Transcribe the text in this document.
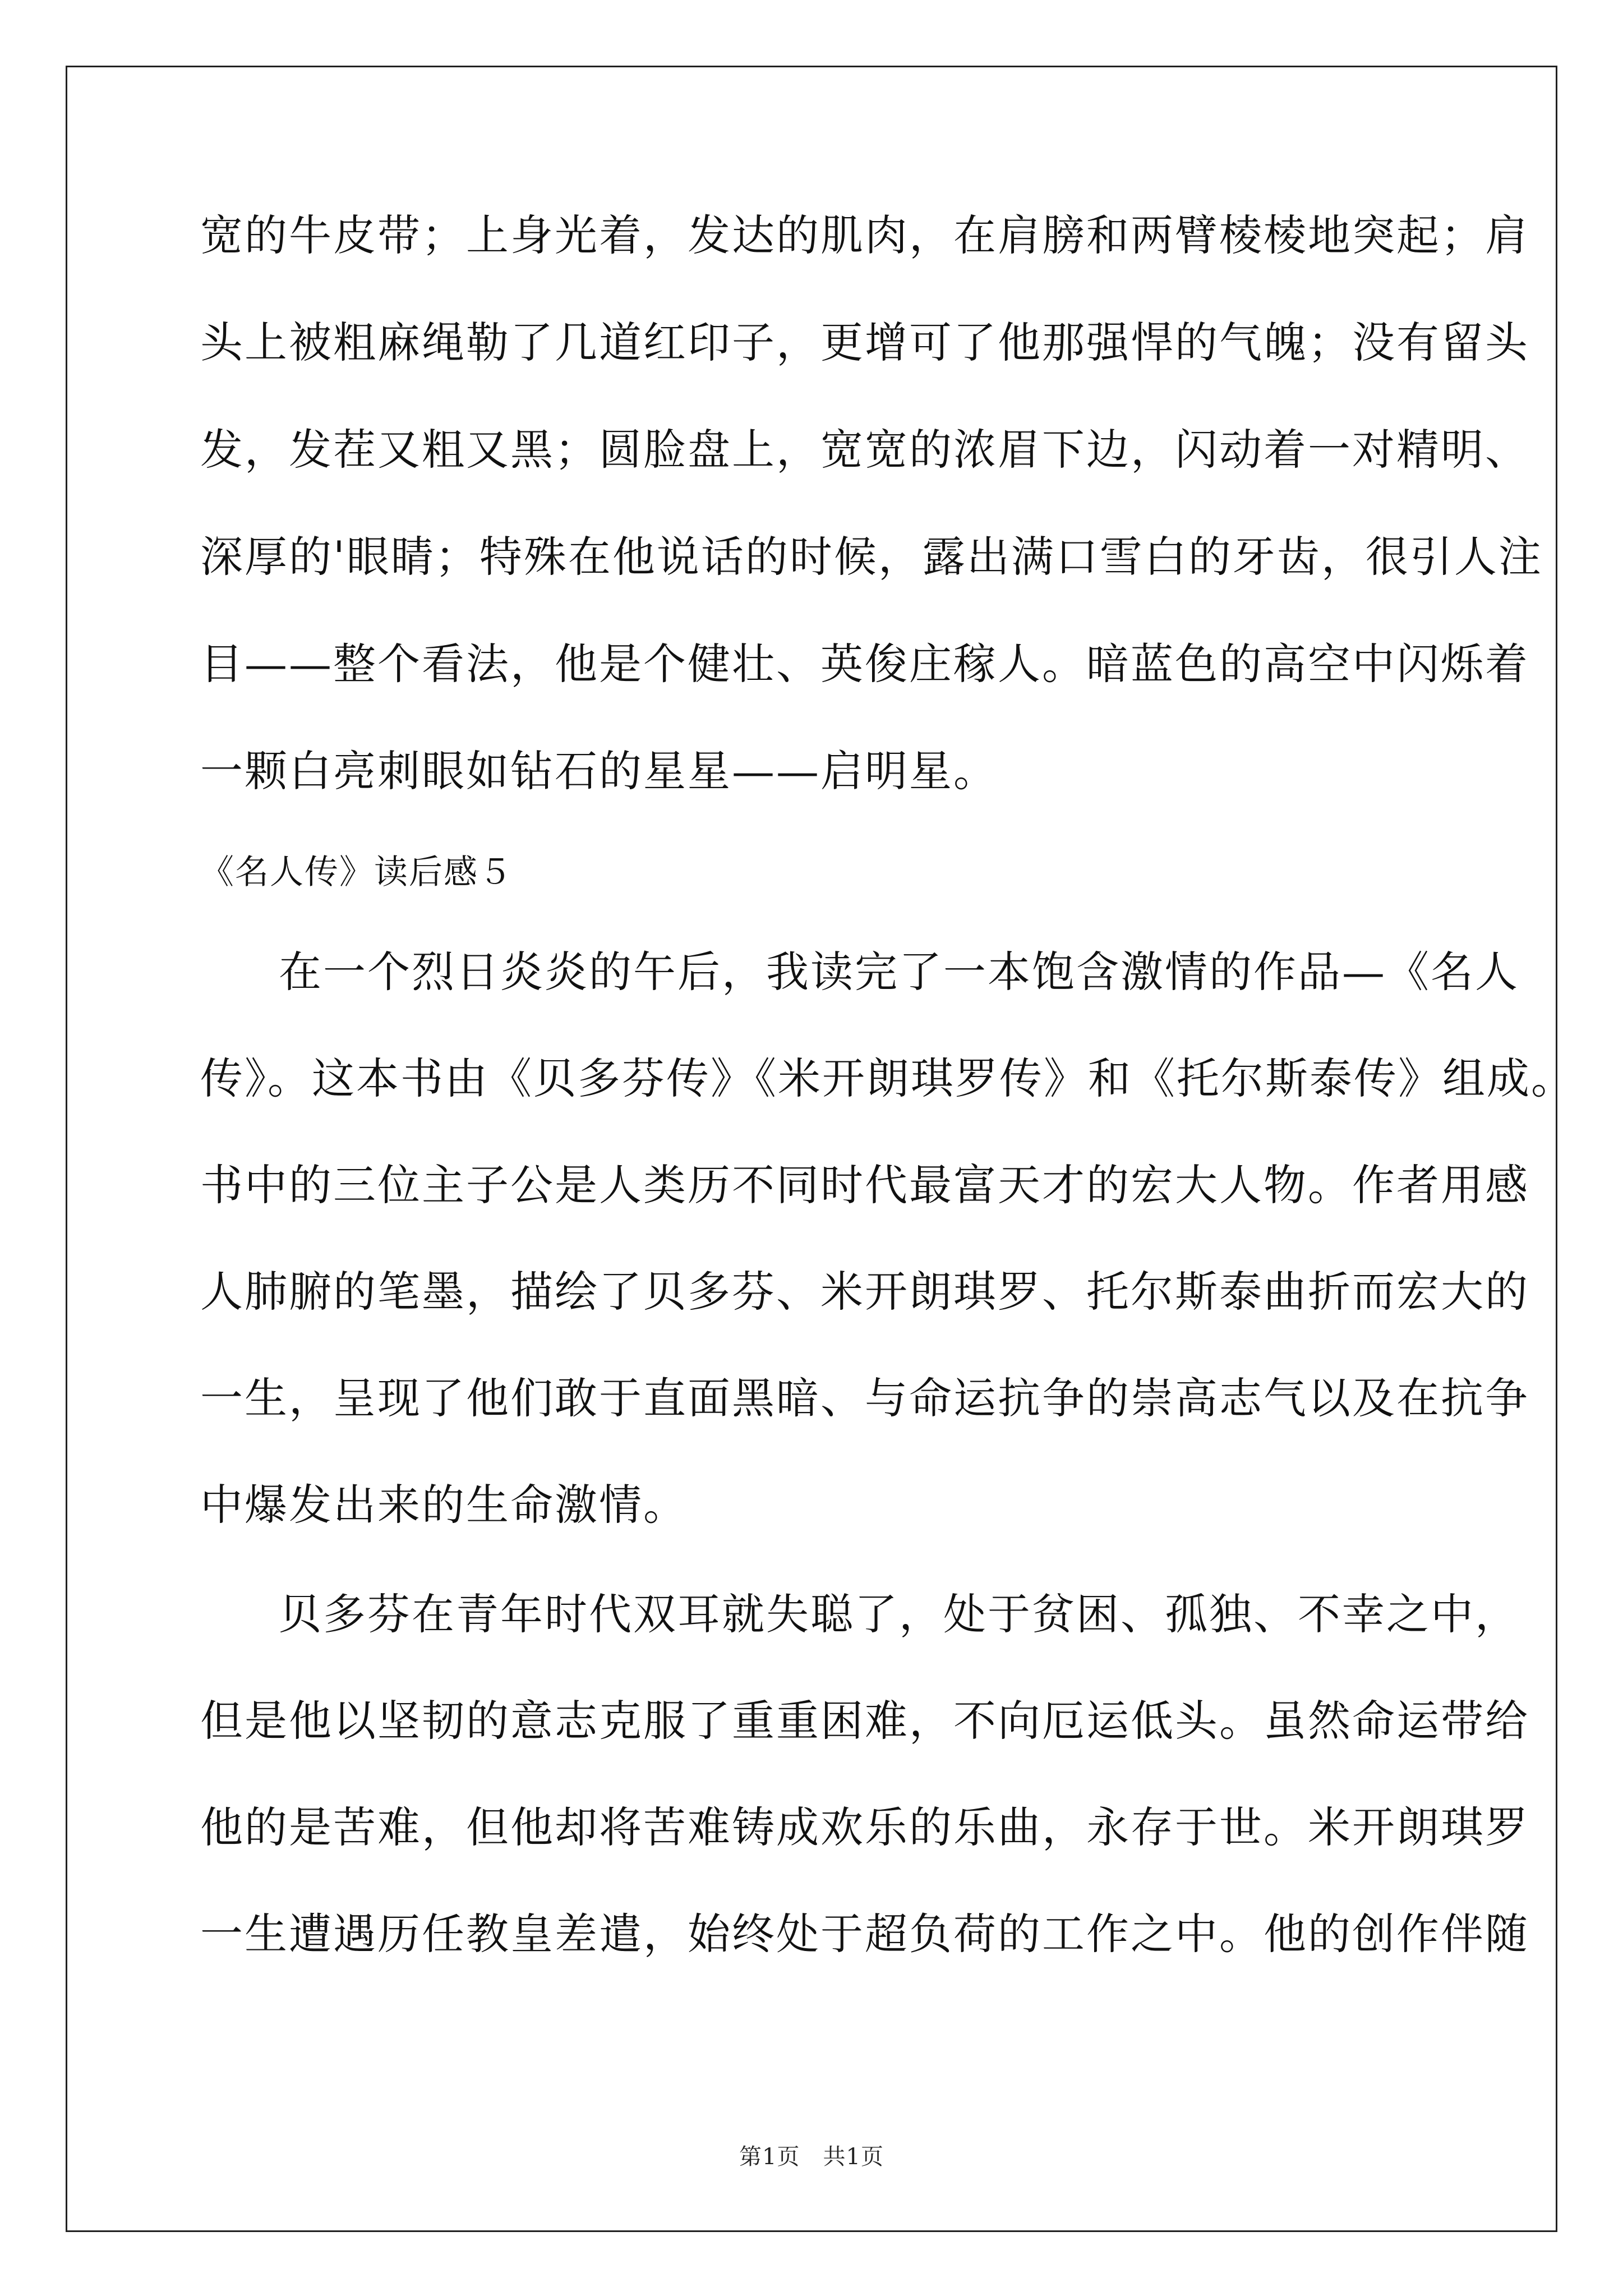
宽的牛皮带；上身光着，发达的肌肉，在肩膀和两臂棱棱地突起；肩
头上被粗麻绳勒了几道红印子，更增可了他那强悍的气魄；没有留头
发，发茬又粗又黑；圆脸盘上，宽宽的浓眉下边，闪动着一对精明、
深厚的'眼睛；特殊在他说话的时候，露出满口雪白的牙齿，很引人注
目——整个看法，他是个健壮、英俊庄稼人。暗蓝色的高空中闪烁着
一颗白亮刺眼如钻石的星星——启明星。
《名人传》读后感５
在一个烈日炎炎的午后，我读完了一本饱含激情的作品—《名人
传》。这本书由《贝多芬传》《米开朗琪罗传》和《托尔斯泰传》组成。
书中的三位主子公是人类历不同时代最富天才的宏大人物。作者用感
人肺腑的笔墨，描绘了贝多芬、米开朗琪罗、托尔斯泰曲折而宏大的
一生，呈现了他们敢于直面黑暗、与命运抗争的崇高志气以及在抗争
中爆发出来的生命激情。
贝多芬在青年时代双耳就失聪了，处于贫困、孤独、不幸之中，
但是他以坚韧的意志克服了重重困难，不向厄运低头。虽然命运带给
他的是苦难，但他却将苦难铸成欢乐的乐曲，永存于世。米开朗琪罗
一生遭遇历任教皇差遣，始终处于超负荷的工作之中。他的创作伴随
第1页　共1页
